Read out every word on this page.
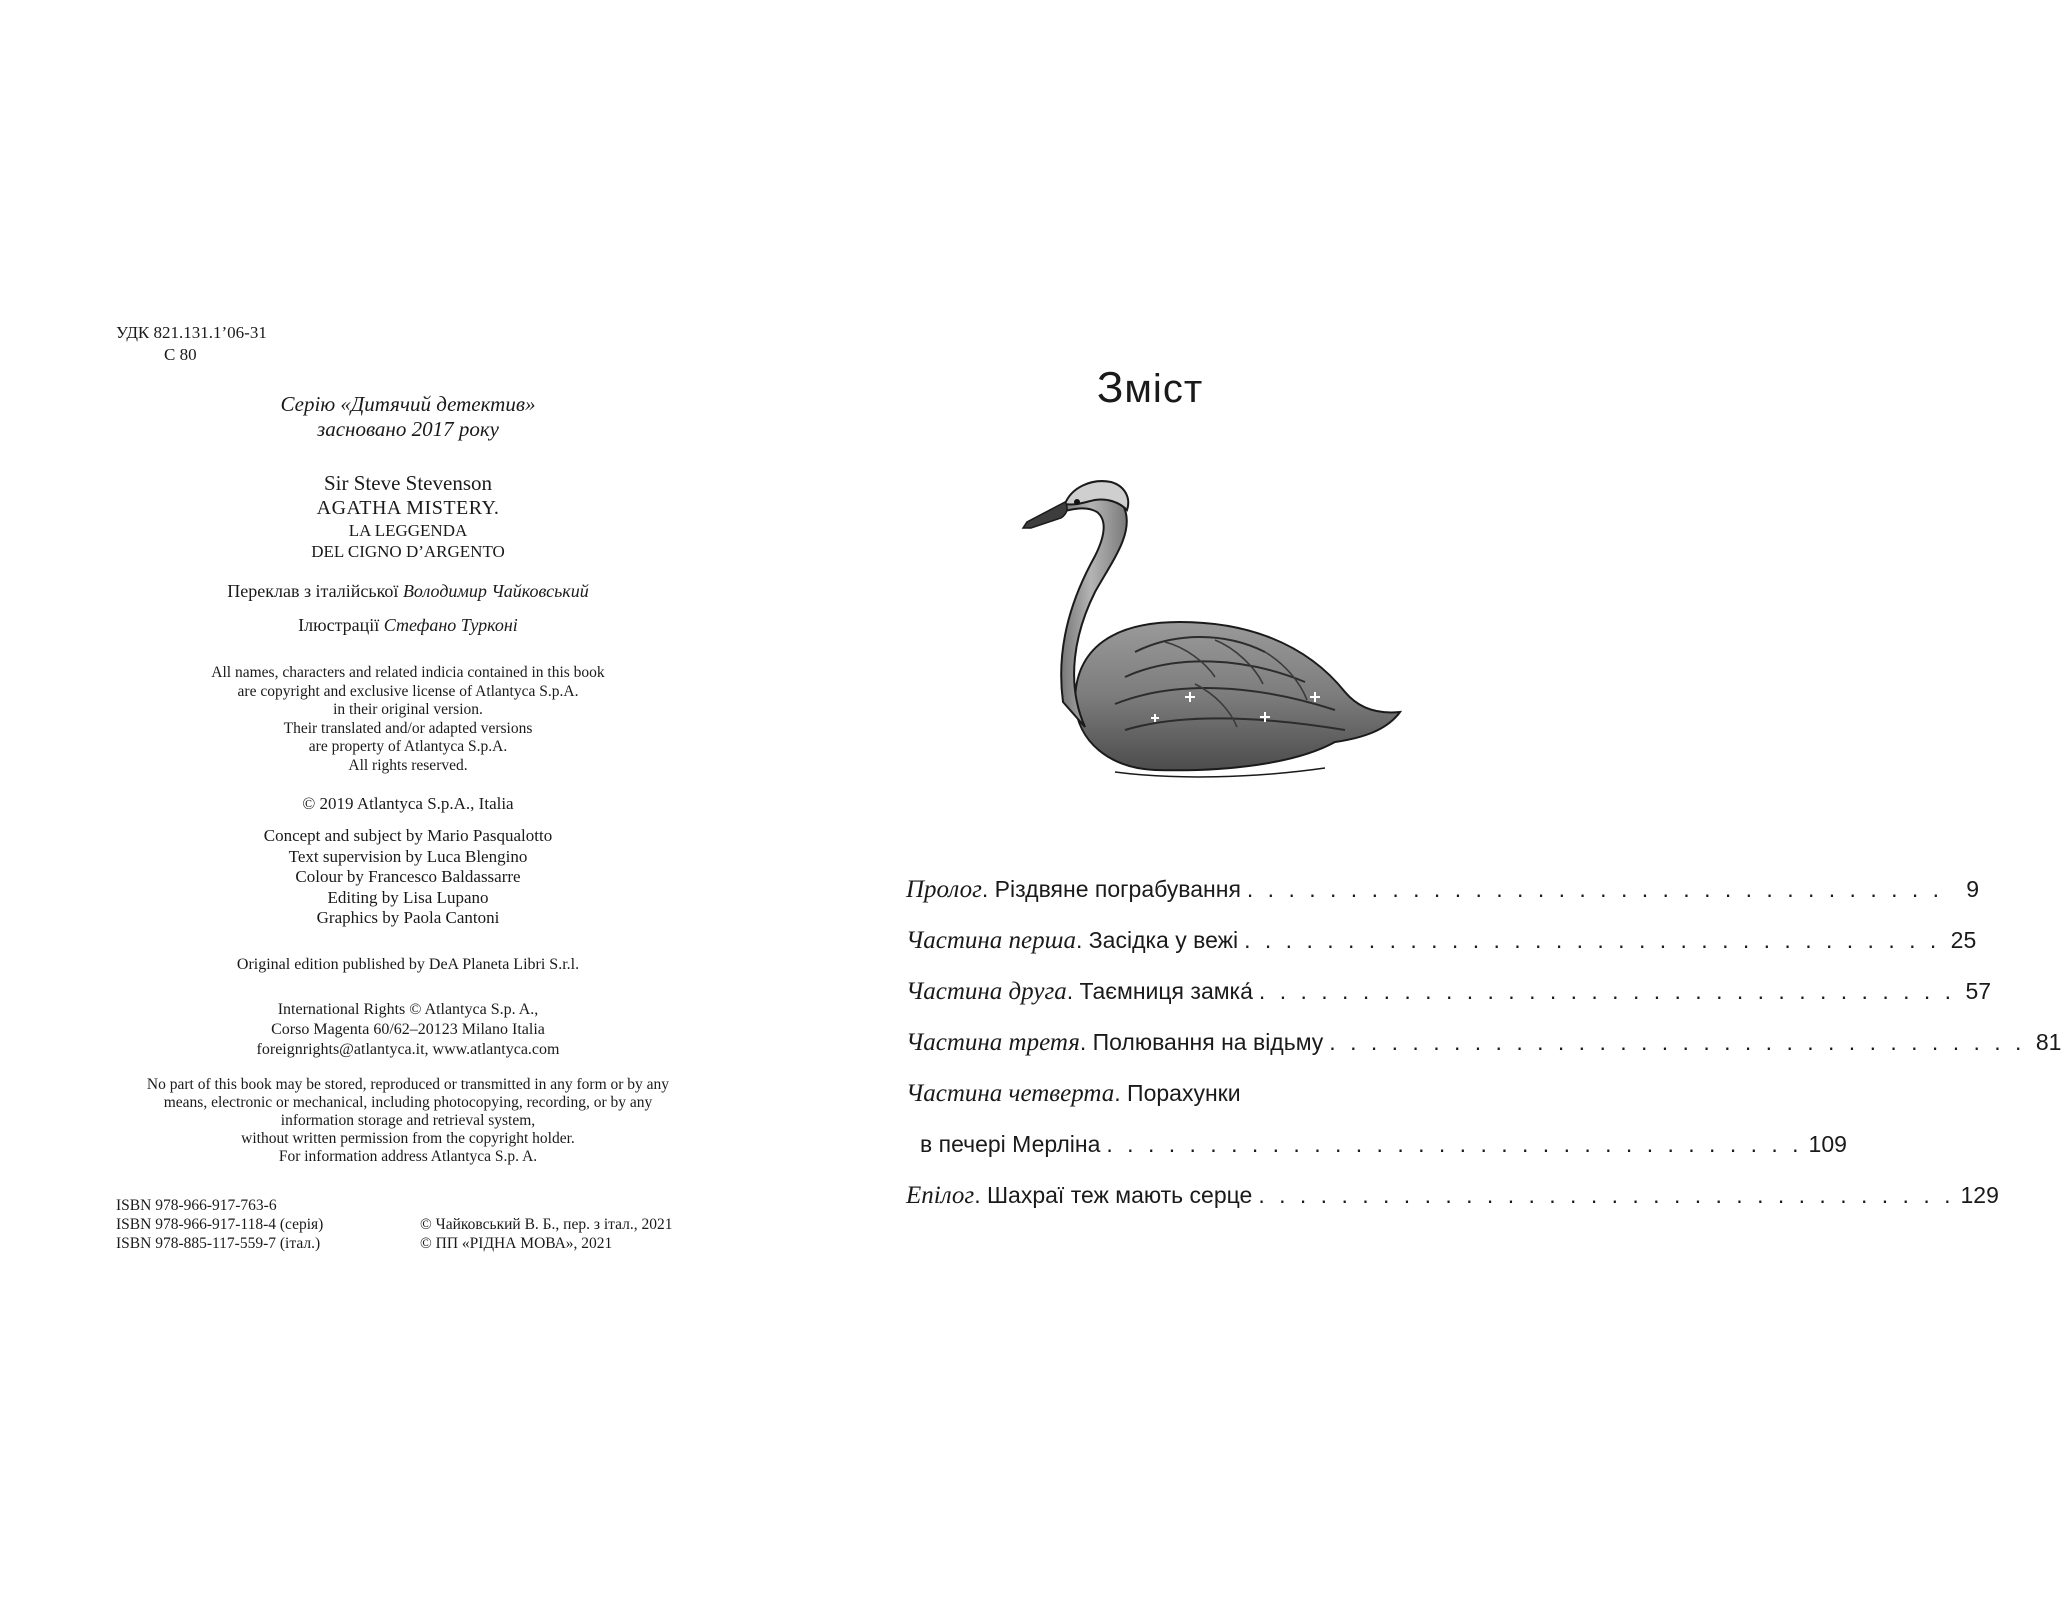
УДК 821.131.1’06-31
С 80
Серію «Дитячий детектив»
засновано 2017 року
Sir Steve Stevenson
AGATHA MISTERY.
LA LEGGENDA
DEL CIGNO D’ARGENTO

Переклав з італійської Володимир Чайковський

Ілюстрації Стефано Турконі

All names, characters and related indicia contained in this book
are copyright and exclusive license of Atlantyca S.p.A.
in their original version.
Their translated and/or adapted versions
are property of Atlantyca S.p.A.
All rights reserved.
© 2019 Atlantyca S.p.A., Italia
Concept and subject by Mario Pasqualotto
Text supervision by Luca Blengino
Colour by Francesco Baldassarre
Editing by Lisa Lupano
Graphics by Paola Cantoni
Original edition published by DeA Planeta Libri S.r.l.
International Rights © Atlantyca S.p. A.,
Corso Magenta 60/62–20123 Milano Italia
foreignrights@atlantyca.it, www.atlantyca.com
No part of this book may be stored, reproduced or transmitted in any form or by any
means, electronic or mechanical, including photocopying, recording, or by any
information storage and retrieval system,
without written permission from the copyright holder.
For information address Atlantyca S.p. A.
ISBN 978-966-917-763-6
ISBN 978-966-917-118-4 (серія)
ISBN 978-885-117-559-7 (італ.)
© Чайковський В. Б., пер. з італ., 2021
© ПП «РІДНА МОВА», 2021
Зміст
Пролог. Різдвяне пограбування . . . . . . . . . . . . . . . . . . . . . . . . . . . . . . . . . .	9
Частина перша. Засідка у вежі . . . . . . . . . . . . . . . . . . . . . . . . . . . . . . . . . . 25
Частина друга. Таємниця замка́ . . . . . . . . . . . . . . . . . . . . . . . . . . . . . . . . . . 57
Частина третя. Полювання на відьму . . . . . . . . . . . . . . . . . . . . . . . . . . . . . . . . . . 81
Частина четверта. Порахунки
в печері Мерліна . . . . . . . . . . . . . . . . . . . . . . . . . . . . . . . . . . 109
Епілог. Шахраї теж мають серце . . . . . . . . . . . . . . . . . . . . . . . . . . . . . . . . . . 129
